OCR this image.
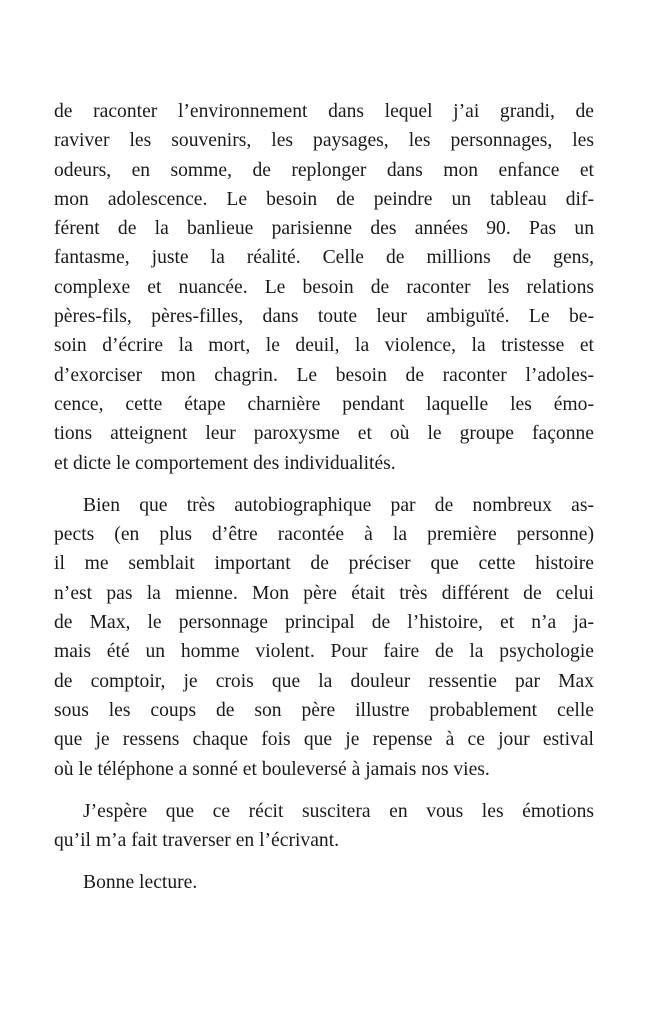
de raconter l’environnement dans lequel j’ai grandi, de
raviver les souvenirs, les paysages, les personnages, les
odeurs, en somme, de replonger dans mon enfance et
mon adolescence. Le besoin de peindre un tableau dif-
férent de la banlieue parisienne des années 90. Pas un
fantasme, juste la réalité. Celle de millions de gens,
complexe et nuancée. Le besoin de raconter les relations
pères-fils, pères-filles, dans toute leur ambiguïté. Le be-
soin d’écrire la mort, le deuil, la violence, la tristesse et
d’exorciser mon chagrin. Le besoin de raconter l’adoles-
cence, cette étape charnière pendant laquelle les émo-
tions atteignent leur paroxysme et où le groupe façonne
et dicte le comportement des individualités.
Bien que très autobiographique par de nombreux as-
pects (en plus d’être racontée à la première personne)
il me semblait important de préciser que cette histoire
n’est pas la mienne. Mon père était très différent de celui
de Max, le personnage principal de l’histoire, et n’a ja-
mais été un homme violent. Pour faire de la psychologie
de comptoir, je crois que la douleur ressentie par Max
sous les coups de son père illustre probablement celle
que je ressens chaque fois que je repense à ce jour estival
où le téléphone a sonné et bouleversé à jamais nos vies.
J’espère que ce récit suscitera en vous les émotions
qu’il m’a fait traverser en l’écrivant.
Bonne lecture.
